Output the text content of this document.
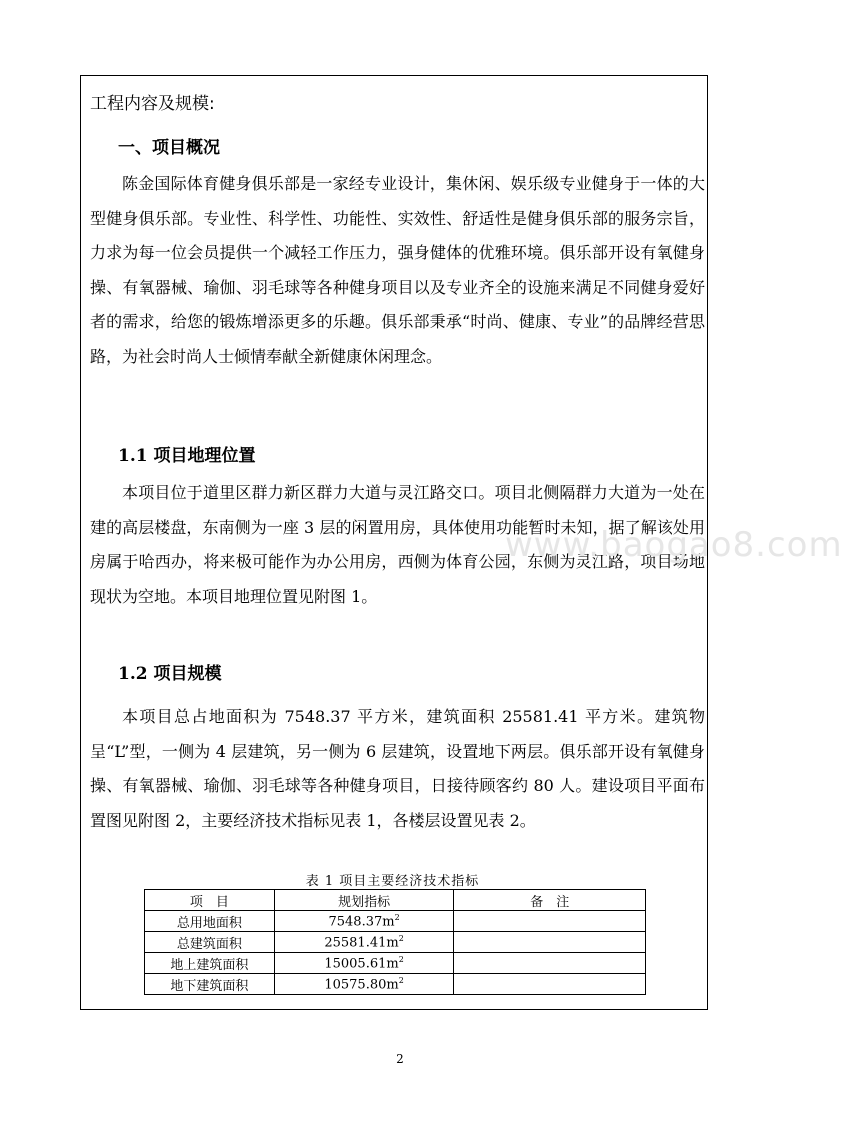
工程内容及规模:
一、项目概况

陈金国际体育健身俱乐部是一家经专业设计，集休闲、娱乐级专业健身于一体的大型健身俱乐部。专业性、科学性、功能性、实效性、舒适性是健身俱乐部的服务宗旨，力求为每一位会员提供一个减轻工作压力，强身健体的优雅环境。俱乐部开设有氧健身操、有氧器械、瑜伽、羽毛球等各种健身项目以及专业齐全的设施来满足不同健身爱好者的需求，给您的锻炼增添更多的乐趣。俱乐部秉承“时尚、健康、专业”的品牌经营思路，为社会时尚人士倾情奉献全新健康休闲理念。

1.1 项目地理位置

本项目位于道里区群力新区群力大道与灵江路交口。项目北侧隔群力大道为一处在建的高层楼盘，东南侧为一座 3 层的闲置用房，具体使用功能暂时未知，据了解该处用房属于哈西办，将来极可能作为办公用房，西侧为体育公园，东侧为灵江路，项目场地现状为空地。本项目地理位置见附图 1。

www.baogao8.com
1.2 项目规模

本项目总占地面积为 7548.37 平方米，建筑面积 25581.41 平方米。建筑物呈“L”型，一侧为 4 层建筑，另一侧为 6 层建筑，设置地下两层。俱乐部开设有氧健身操、有氧器械、瑜伽、羽毛球等各种健身项目，日接待顾客约 80 人。建设项目平面布置图见附图 2，主要经济技术指标见表 1，各楼层设置见表 2。

表 1 项目主要经济技术指标
项　目	规划指标	备　注
总用地面积	$7548.37m^2$	
总建筑面积	$25581.41m^2$	
地上建筑面积	$15005.61m^2$	
地下建筑面积	$10575.80m^2$	
2
